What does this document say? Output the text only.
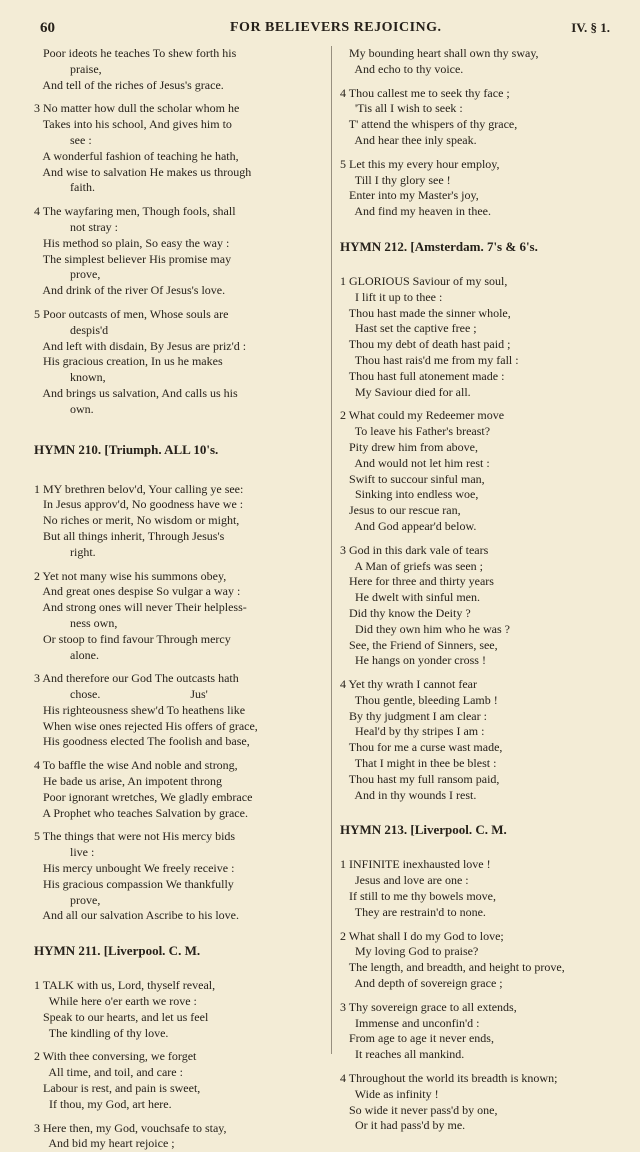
60	FOR BELIEVERS REJOICING.	IV. § 1.
Poor ideots he teaches To shew forth his
praise,
And tell of the riches of Jesus's grace.
3 No matter how dull the scholar whom he
Takes into his school, And gives him to
see :
A wonderful fashion of teaching he hath,
And wise to salvation He makes us through
faith.
4 The wayfaring men, Though fools, shall
not stray :
His method so plain, So easy the way :
The simplest believer His promise may
prove,
And drink of the river Of Jesus's love.
5 Poor outcasts of men, Whose souls are
despis'd
And left with disdain, By Jesus are priz'd :
His gracious creation, In us he makes
known,
And brings us salvation, And calls us his
own.
HYMN 210. [Triumph. ALL 10's.
1 MY brethren belov'd, Your calling ye see:
In Jesus approv'd, No goodness have we :
No riches or merit, No wisdom or might,
But all things inherit, Through Jesus's
right.
2 Yet not many wise his summons obey,
And great ones despise So vulgar a way :
And strong ones will never Their helpless-
ness own,
Or stoop to find favour Through mercy
alone.
3 And therefore our God The outcasts hath
chose.                              Jus'
His righteousness shew'd To heathens like
When wise ones rejected His offers of grace,
His goodness elected The foolish and base,
4 To baffle the wise And noble and strong,
He bade us arise, An impotent throng
Poor ignorant wretches, We gladly embrace
A Prophet who teaches Salvation by grace.
5 The things that were not His mercy bids
live :
His mercy unbought We freely receive :
His gracious compassion We thankfully
prove,
And all our salvation Ascribe to his love.
HYMN 211. [Liverpool. C. M.
1 TALK with us, Lord, thyself reveal,
While here o'er earth we rove :
Speak to our hearts, and let us feel
The kindling of thy love.
2 With thee conversing, we forget
All time, and toil, and care :
Labour is rest, and pain is sweet,
If thou, my God, art here.
3 Here then, my God, vouchsafe to stay,
And bid my heart rejoice ;
My bounding heart shall own thy sway,
And echo to thy voice.
4 Thou callest me to seek thy face ;
'Tis all I wish to seek :
T' attend the whispers of thy grace,
And hear thee inly speak.
5 Let this my every hour employ,
Till I thy glory see !
Enter into my Master's joy,
And find my heaven in thee.
HYMN 212. [Amsterdam. 7's & 6's.
1 GLORIOUS Saviour of my soul,
I lift it up to thee :
Thou hast made the sinner whole,
Hast set the captive free ;
Thou my debt of death hast paid ;
Thou hast rais'd me from my fall :
Thou hast full atonement made :
My Saviour died for all.
2 What could my Redeemer move
To leave his Father's breast?
Pity drew him from above,
And would not let him rest :
Swift to succour sinful man,
Sinking into endless woe,
Jesus to our rescue ran,
And God appear'd below.
3 God in this dark vale of tears
A Man of griefs was seen ;
Here for three and thirty years
He dwelt with sinful men.
Did thy know the Deity ?
Did they own him who he was ?
See, the Friend of Sinners, see,
He hangs on yonder cross !
4 Yet thy wrath I cannot fear
Thou gentle, bleeding Lamb !
By thy judgment I am clear :
Heal'd by thy stripes I am :
Thou for me a curse wast made,
That I might in thee be blest :
Thou hast my full ransom paid,
And in thy wounds I rest.
HYMN 213. [Liverpool. C. M.
1 INFINITE inexhausted love !
Jesus and love are one :
If still to me thy bowels move,
They are restrain'd to none.
2 What shall I do my God to love;
My loving God to praise?
The length, and breadth, and height to prove,
And depth of sovereign grace ;
3 Thy sovereign grace to all extends,
Immense and unconfin'd :
From age to age it never ends,
It reaches all mankind.
4 Throughout the world its breadth is known;
Wide as infinity !
So wide it never pass'd by one,
Or it had pass'd by me.
